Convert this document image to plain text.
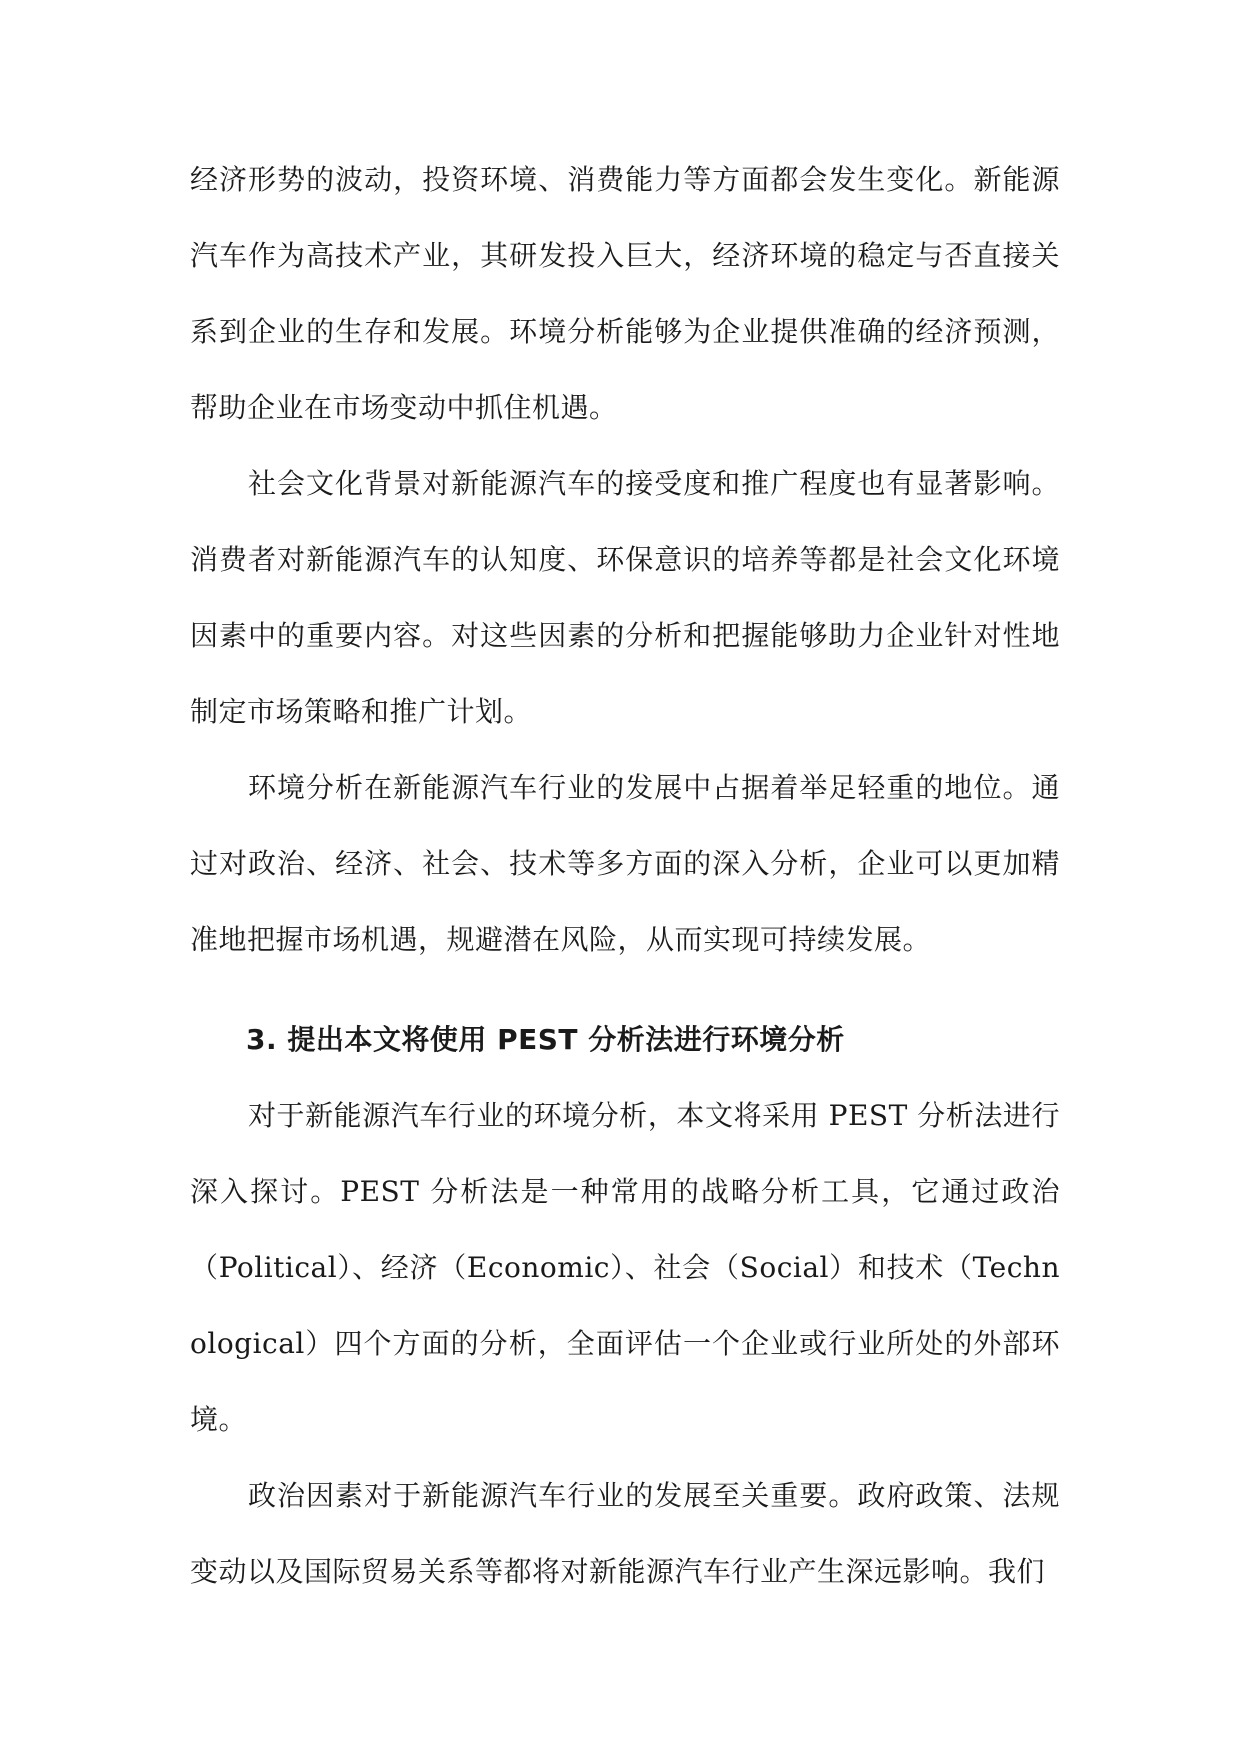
经济形势的波动，投资环境、消费能力等方面都会发生变化。新能源汽车作为高技术产业，其研发投入巨大，经济环境的稳定与否直接关系到企业的生存和发展。环境分析能够为企业提供准确的经济预测，帮助企业在市场变动中抓住机遇。

社会文化背景对新能源汽车的接受度和推广程度也有显著影响。消费者对新能源汽车的认知度、环保意识的培养等都是社会文化环境因素中的重要内容。对这些因素的分析和把握能够助力企业针对性地制定市场策略和推广计划。

环境分析在新能源汽车行业的发展中占据着举足轻重的地位。通过对政治、经济、社会、技术等多方面的深入分析，企业可以更加精准地把握市场机遇，规避潜在风险，从而实现可持续发展。

3. 提出本文将使用 PEST 分析法进行环境分析

对于新能源汽车行业的环境分析，本文将采用 PEST 分析法进行深入探讨。PEST 分析法是一种常用的战略分析工具，它通过政治（Political）、经济（Economic）、社会（Social）和技术（Technological）四个方面的分析，全面评估一个企业或行业所处的外部环境。

政治因素对于新能源汽车行业的发展至关重要。政府政策、法规变动以及国际贸易关系等都将对新能源汽车行业产生深远影响。我们
